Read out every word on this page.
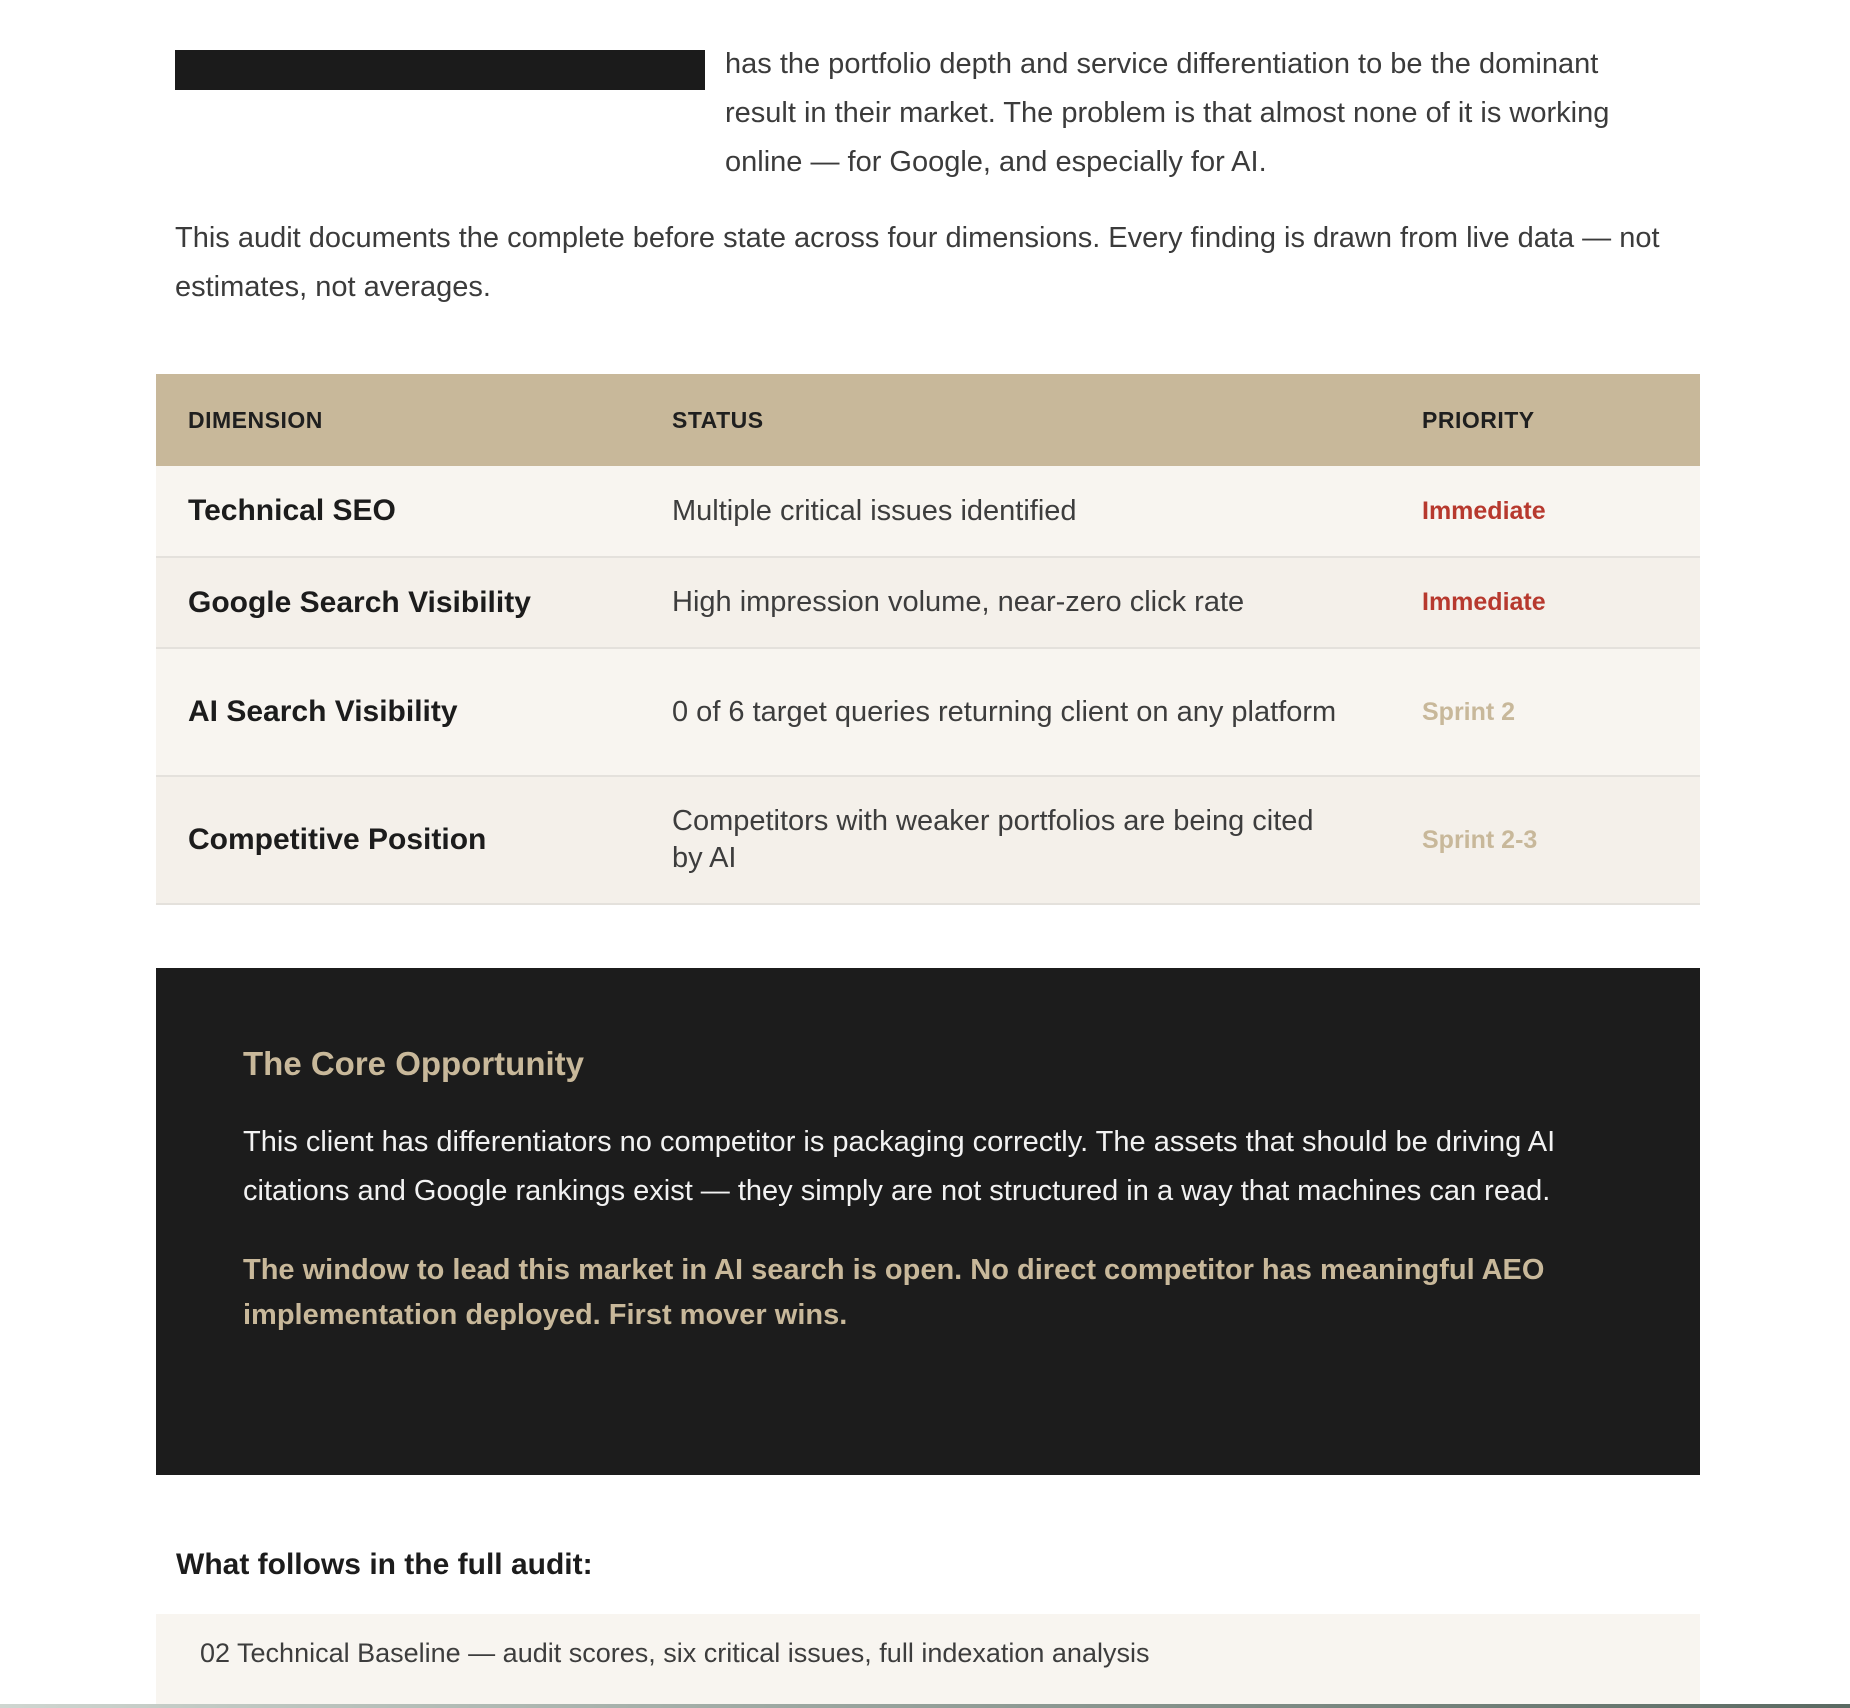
has the portfolio depth and service differentiation to be the dominant result in their market. The problem is that almost none of it is working online — for Google, and especially for AI.

This audit documents the complete before state across four dimensions. Every finding is drawn from live data — not estimates, not averages.

DIMENSION	STATUS	PRIORITY
Technical SEO	Multiple critical issues identified	Immediate
Google Search Visibility	High impression volume, near-zero click rate	Immediate
AI Search Visibility	0 of 6 target queries returning client on any platform	Sprint 2
Competitive Position	Competitors with weaker portfolios are being cited by AI	Sprint 2-3
The Core Opportunity

This client has differentiators no competitor is packaging correctly. The assets that should be driving AI citations and Google rankings exist — they simply are not structured in a way that machines can read.

The window to lead this market in AI search is open. No direct competitor has meaningful AEO implementation deployed. First mover wins.

What follows in the full audit:

02 Technical Baseline — audit scores, six critical issues, full indexation analysis
